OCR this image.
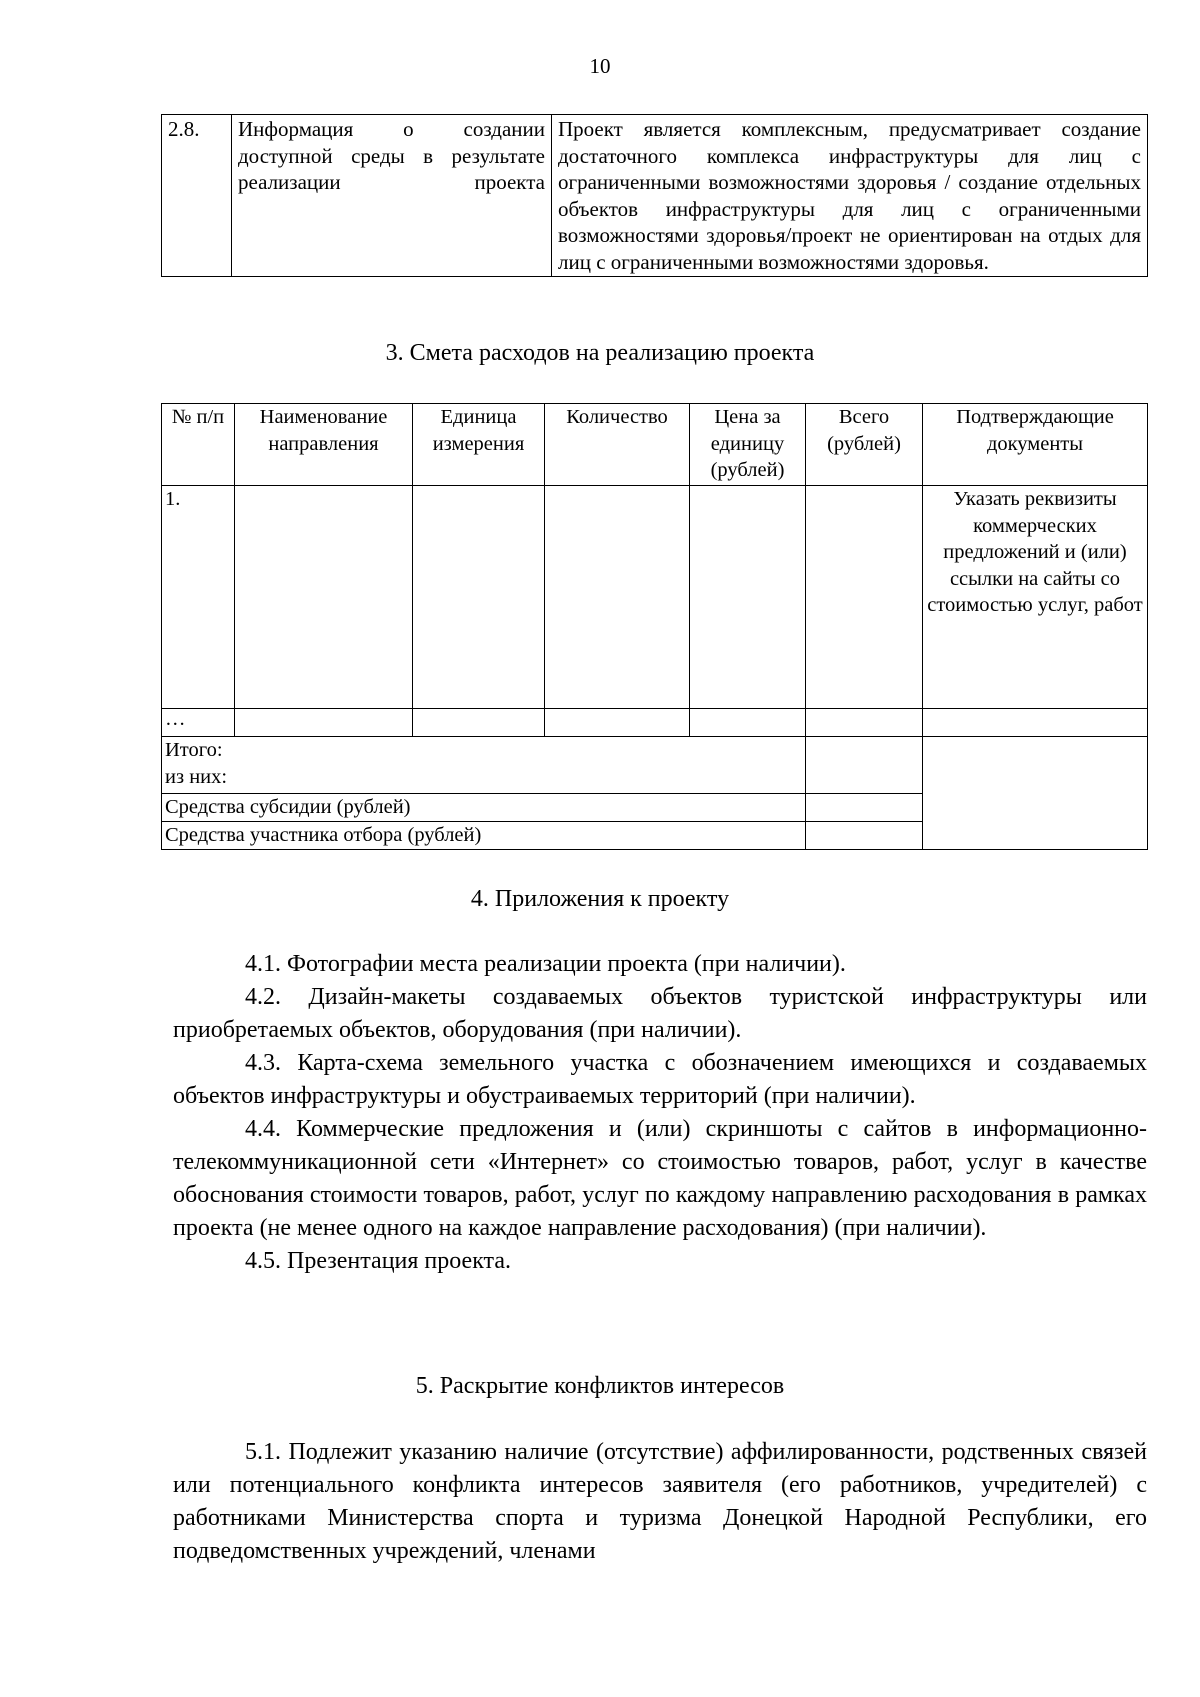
10
2.8.	Информация о создании доступной среды в результате реализации проекта	Проект является комплексным, предусматривает создание достаточного комплекса инфраструктуры для лиц с ограниченными возможностями здоровья / создание отдельных объектов инфраструктуры для лиц с ограниченными возможностями здоровья/проект не ориентирован на отдых для лиц с ограниченными возможностями здоровья.
3. Смета расходов на реализацию проекта
№ п/п	Наименование направления	Единица измерения	Количество	Цена за единицу (рублей)	Всего (рублей)	Подтверждающие документы
1.						Указать реквизиты коммерческих предложений и (или) ссылки на сайты со стоимостью услуг, работ
…						

Итого:
из них:						

Средства субсидии (рублей)						
Средства участника отбора (рублей)						
4. Приложения к проекту

4.1. Фотографии места реализации проекта (при наличии).

4.2. Дизайн-макеты создаваемых объектов туристской инфраструктуры или приобретаемых объектов, оборудования (при наличии).

4.3. Карта-схема земельного участка с обозначением имеющихся и создаваемых объектов инфраструктуры и обустраиваемых территорий (при наличии).

4.4. Коммерческие предложения и (или) скриншоты с сайтов в информационно-телекоммуникационной сети «Интернет» со стоимостью товаров, работ, услуг в качестве обоснования стоимости товаров, работ, услуг по каждому направлению расходования в рамках проекта (не менее одного на каждое направление расходования) (при наличии).

4.5. Презентация проекта.

5. Раскрытие конфликтов интересов

5.1. Подлежит указанию наличие (отсутствие) аффилированности, родственных связей или потенциального конфликта интересов заявителя (его работников, учредителей) с работниками Министерства спорта и туризма Донецкой Народной Республики, его подведомственных учреждений, членами
